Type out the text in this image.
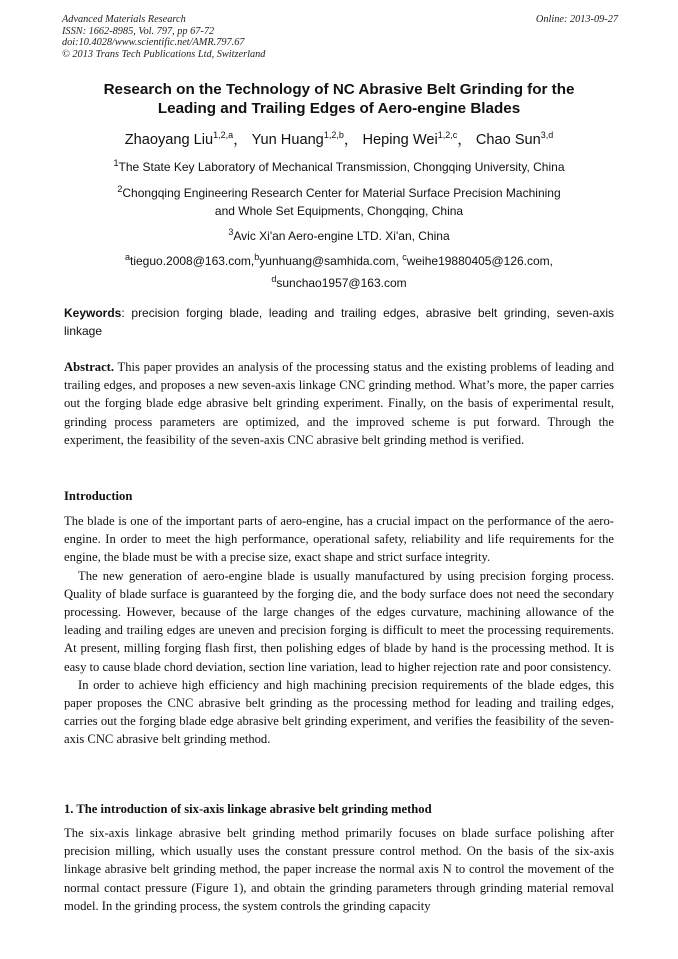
Advanced Materials Research
ISSN: 1662-8985, Vol. 797, pp 67-72
doi:10.4028/www.scientific.net/AMR.797.67
© 2013 Trans Tech Publications Ltd, Switzerland
Online: 2013-09-27
Research on the Technology of NC Abrasive Belt Grinding for the
Leading and Trailing Edges of Aero-engine Blades
Zhaoyang Liu$^{1,2,a}$， Yun Huang$^{1,2,b}$， Heping Wei$^{1,2,c}$， Chao Sun$^{3,d}$
$^1$The State Key Laboratory of Mechanical Transmission, Chongqing University, China
$^2$Chongqing Engineering Research Center for Material Surface Precision Machining
and Whole Set Equipments, Chongqing, China
$^3$Avic Xi'an Aero-engine LTD. Xi'an, China
$^a$tieguo.2008@163.com,$^b$yunhuang@samhida.com, $^c$weihe19880405@126.com,
$^d$sunchao1957@163.com
Keywords: precision forging blade, leading and trailing edges, abrasive belt grinding, seven-axis linkage
Abstract. This paper provides an analysis of the processing status and the existing problems of leading and trailing edges, and proposes a new seven-axis linkage CNC grinding method. What’s more, the paper carries out the forging blade edge abrasive belt grinding experiment. Finally, on the basis of experimental result, grinding process parameters are optimized, and the improved scheme is put forward. Through the experiment, the feasibility of the seven-axis CNC abrasive belt grinding method is verified.
Introduction

The blade is one of the important parts of aero-engine, has a crucial impact on the performance of the aero-engine. In order to meet the high performance, operational safety, reliability and life requirements for the engine, the blade must be with a precise size, exact shape and strict surface integrity.

The new generation of aero-engine blade is usually manufactured by using precision forging process. Quality of blade surface is guaranteed by the forging die, and the body surface does not need the secondary processing. However, because of the large changes of the edges curvature, machining allowance of the leading and trailing edges are uneven and precision forging is difficult to meet the processing requirements. At present, milling forging flash first, then polishing edges of blade by hand is the processing method. It is easy to cause blade chord deviation, section line variation, lead to higher rejection rate and poor consistency.

In order to achieve high efficiency and high machining precision requirements of the blade edges, this paper proposes the CNC abrasive belt grinding as the processing method for leading and trailing edges, carries out the forging blade edge abrasive belt grinding experiment, and verifies the feasibility of the seven-axis CNC abrasive belt grinding method.

1. The introduction of six-axis linkage abrasive belt grinding method

The six-axis linkage abrasive belt grinding method primarily focuses on blade surface polishing after precision milling, which usually uses the constant pressure control method. On the basis of the six-axis linkage abrasive belt grinding method, the paper increase the normal axis N to control the movement of the normal contact pressure (Figure 1), and obtain the grinding parameters through grinding material removal model. In the grinding process, the system controls the grinding capacity
